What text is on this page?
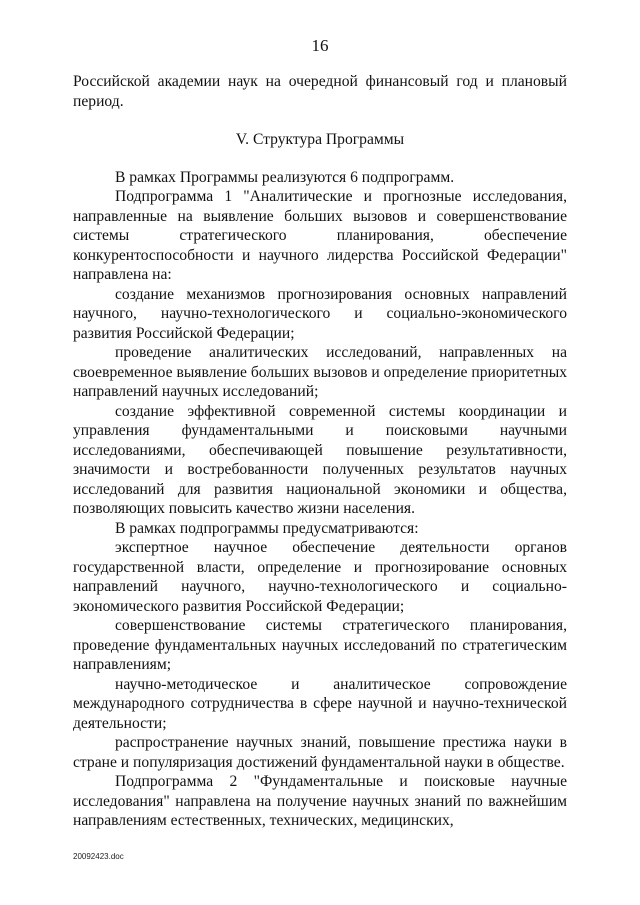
16

Российской академии наук на очередной финансовый год и плановый период.

V. Структура Программы

В рамках Программы реализуются 6 подпрограмм.

Подпрограмма 1 "Аналитические и прогнозные исследования, направленные на выявление больших вызовов и совершенствование системы стратегического планирования, обеспечение конкурентоспособности и научного лидерства Российской Федерации" направлена на:

создание механизмов прогнозирования основных направлений научного, научно-технологического и социально-экономического развития Российской Федерации;

проведение аналитических исследований, направленных на своевременное выявление больших вызовов и определение приоритетных направлений научных исследований;

создание эффективной современной системы координации и управления фундаментальными и поисковыми научными исследованиями, обеспечивающей повышение результативности, значимости и востребованности полученных результатов научных исследований для развития национальной экономики и общества, позволяющих повысить качество жизни населения.

В рамках подпрограммы предусматриваются:

экспертное научное обеспечение деятельности органов государственной власти, определение и прогнозирование основных направлений научного, научно-технологического и социально-экономического развития Российской Федерации;

совершенствование системы стратегического планирования, проведение фундаментальных научных исследований по стратегическим направлениям;

научно-методическое и аналитическое сопровождение международного сотрудничества в сфере научной и научно-технической деятельности;

распространение научных знаний, повышение престижа науки в стране и популяризация достижений фундаментальной науки в обществе.

Подпрограмма 2 "Фундаментальные и поисковые научные исследования" направлена на получение научных знаний по важнейшим направлениям естественных, технических, медицинских,

20092423.doc
